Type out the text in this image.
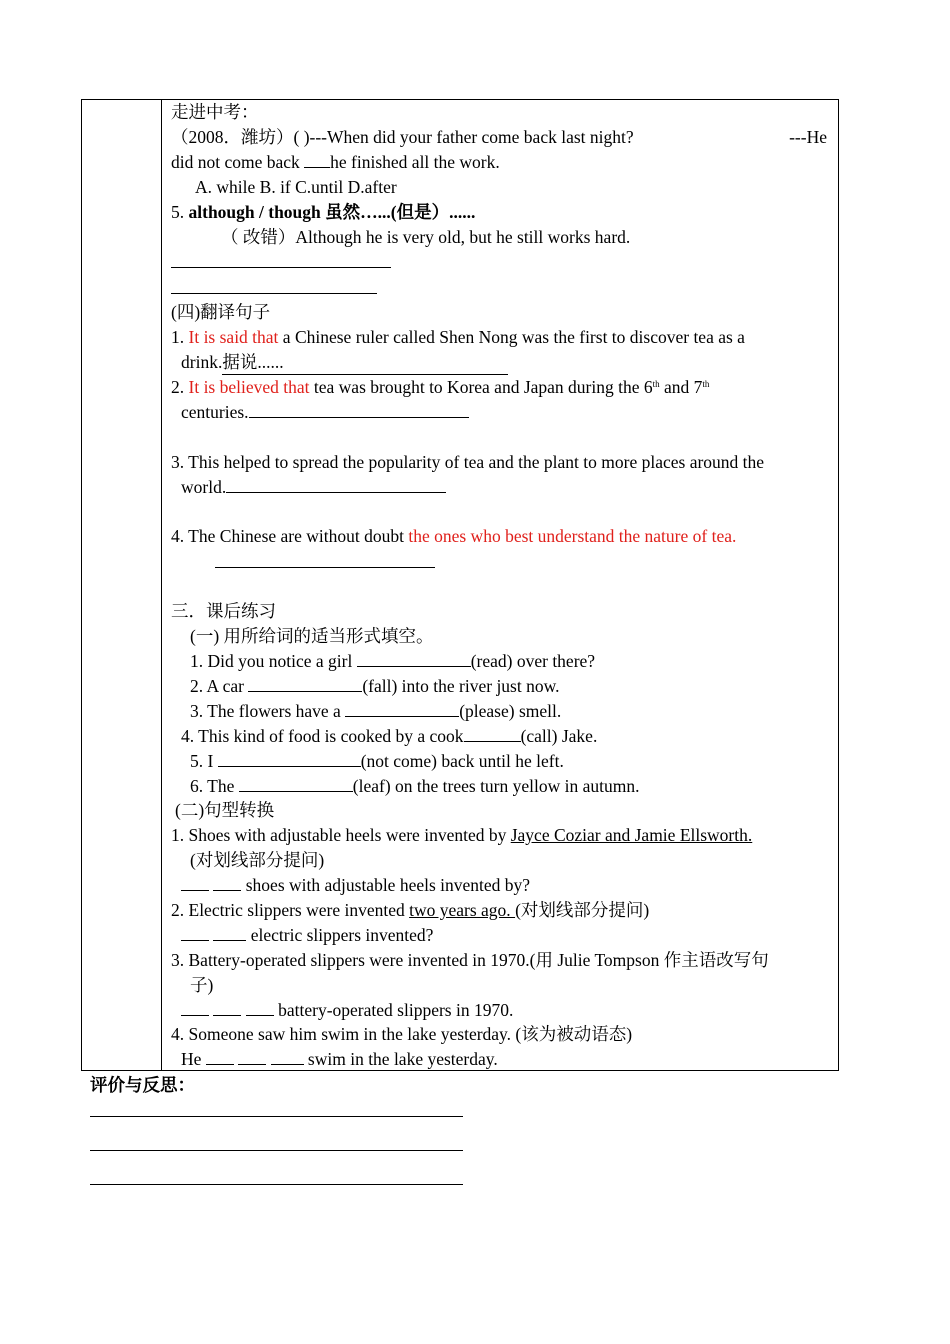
走进中考：
（2008．潍坊）( )---When did your father come back last night?	---He
did not come back he finished all the work.
A. while B. if C.until D.after
5. although / though 虽然…...(但是）......
（ 改错）Although he is very old, but he still works hard.
(四)翻译句子
1. It is said that a Chinese ruler called Shen Nong was the first to discover tea as a
drink.据说......
2. It is believed that tea was brought to Korea and Japan during the 6th and 7th
centuries.
3. This helped to spread the popularity of tea and the plant to more places around the
world.
4. The Chinese are without doubt the ones who best understand the nature of tea.
三．课后练习
(一) 用所给词的适当形式填空。
1. Did you notice a girl	(read) over there?
2. A car	(fall) into the river just now.
3. The flowers have a	(please) smell.
4. This kind of food is cooked by a cook	(call) Jake.
5. I	(not come) back until he left.
6. The	(leaf) on the trees turn yellow in autumn.
(二)句型转换
1. Shoes with adjustable heels were invented by Jayce Coziar and Jamie Ellsworth.
(对划线部分提问)
shoes with adjustable heels invented by?
2. Electric slippers were invented two years ago. (对划线部分提问)
electric slippers invented?
3. Battery-operated slippers were invented in 1970.(用 Julie Tompson 作主语改写句
子)
battery-operated slippers in 1970.
4. Someone saw him swim in the lake yesterday. (该为被动语态)
He	swim in the lake yesterday.
评价与反思：
